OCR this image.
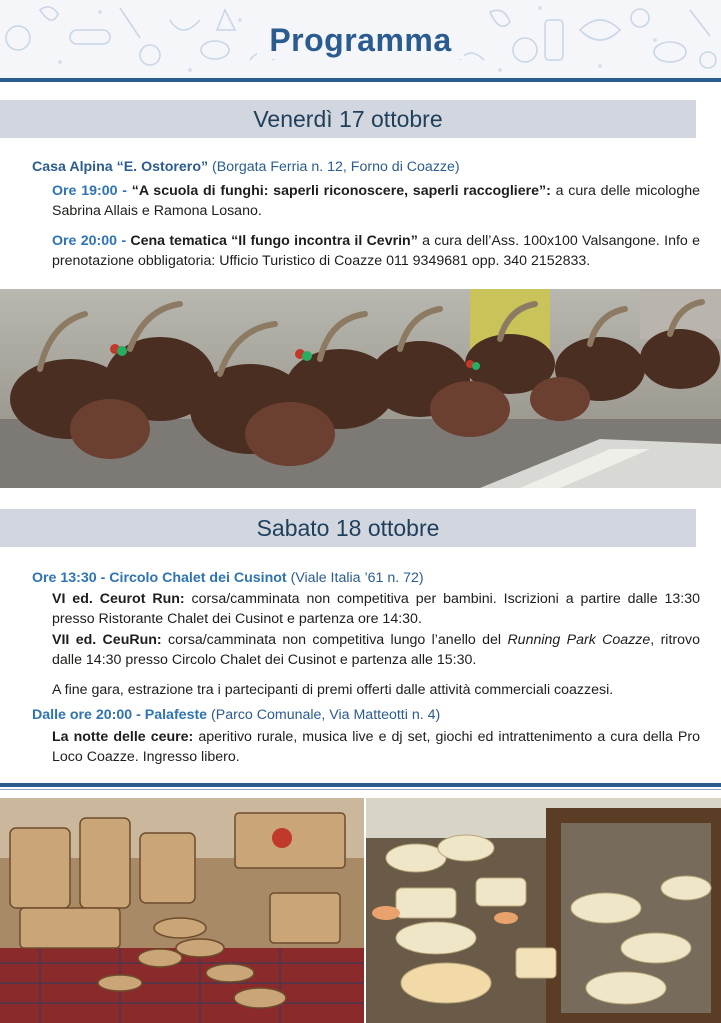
Programma
Venerdì 17 ottobre
Casa Alpina “E. Ostorero” (Borgata Ferria n. 12, Forno di Coazze)
Ore 19:00 - “A scuola di funghi: saperli riconoscere, saperli raccogliere”: a cura delle micologhe Sabrina Allais e Ramona Losano.
Ore 20:00 - Cena tematica “Il fungo incontra il Cevrin” a cura dell’Ass. 100x100 Valsangone. Info e prenotazione obbligatoria: Ufficio Turistico di Coazze 011 9349681 opp. 340 2152833.
Sabato 18 ottobre
Ore 13:30 - Circolo Chalet dei Cusinot (Viale Italia ’61 n. 72)
VI ed. Ceurot Run: corsa/camminata non competitiva per bambini. Iscrizioni a partire dalle 13:30 presso Ristorante Chalet dei Cusinot e partenza ore 14:30.
VII ed. CeuRun: corsa/camminata non competitiva lungo l’anello del Running Park Coazze, ritrovo dalle 14:30 presso Circolo Chalet dei Cusinot e partenza alle 15:30.
A fine gara, estrazione tra i partecipanti di premi offerti dalle attività commerciali coazzesi.
Dalle ore 20:00 - Palafeste (Parco Comunale, Via Matteotti n. 4)
La notte delle ceure: aperitivo rurale, musica live e dj set, giochi ed intrattenimento a cura della Pro Loco Coazze. Ingresso libero.
